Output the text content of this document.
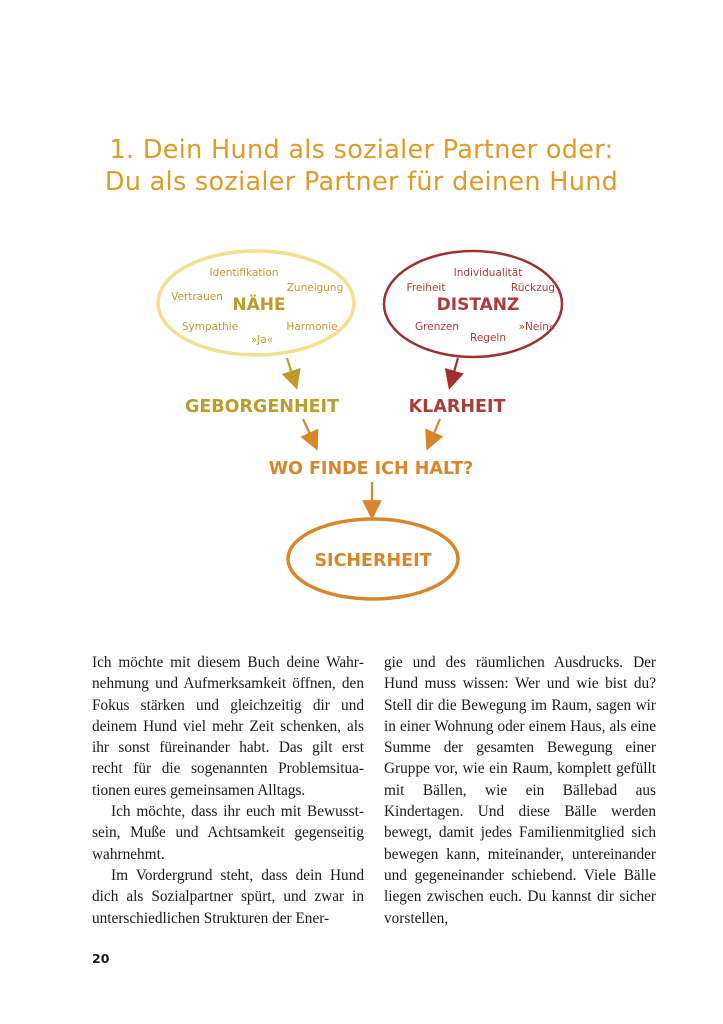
1. Dein Hund als sozialer Partner oder:
Du als sozialer Partner für deinen Hund
Identifikation
Zuneigung
Vertrauen NÄHE
Sympathie	Harmonie
»Ja«
Individualität
Freiheit	Rückzug
DISTANZ
Grenzen	»Nein«
Regeln
GEBORGENHEIT	KLARHEIT
WO FINDE ICH HALT?
SICHERHEIT

Ich möchte mit diesem Buch deine Wahrnehmung und Aufmerksamkeit öffnen, den Fokus stärken und gleichzeitig dir und deinem Hund viel mehr Zeit schenken, als ihr sonst füreinander habt. Das gilt erst recht für die sogenannten Problemsituationen eures gemeinsamen Alltags.

Ich möchte, dass ihr euch mit Bewusstsein, Muße und Achtsamkeit gegenseitig wahrnehmt.

Im Vordergrund steht, dass dein Hund dich als Sozialpartner spürt, und zwar in unterschiedlichen Strukturen der Ener-

gie und des räumlichen Ausdrucks. Der Hund muss wissen: Wer und wie bist du? Stell dir die Bewegung im Raum, sagen wir in einer Wohnung oder einem Haus, als eine Summe der gesamten Bewegung einer Gruppe vor, wie ein Raum, komplett gefüllt mit Bällen, wie ein Bällebad aus Kindertagen. Und diese Bälle werden bewegt, damit jedes Familienmitglied sich bewegen kann, miteinander, untereinander und gegeneinander schiebend. Viele Bälle liegen zwischen euch. Du kannst dir sicher vorstellen,

20
